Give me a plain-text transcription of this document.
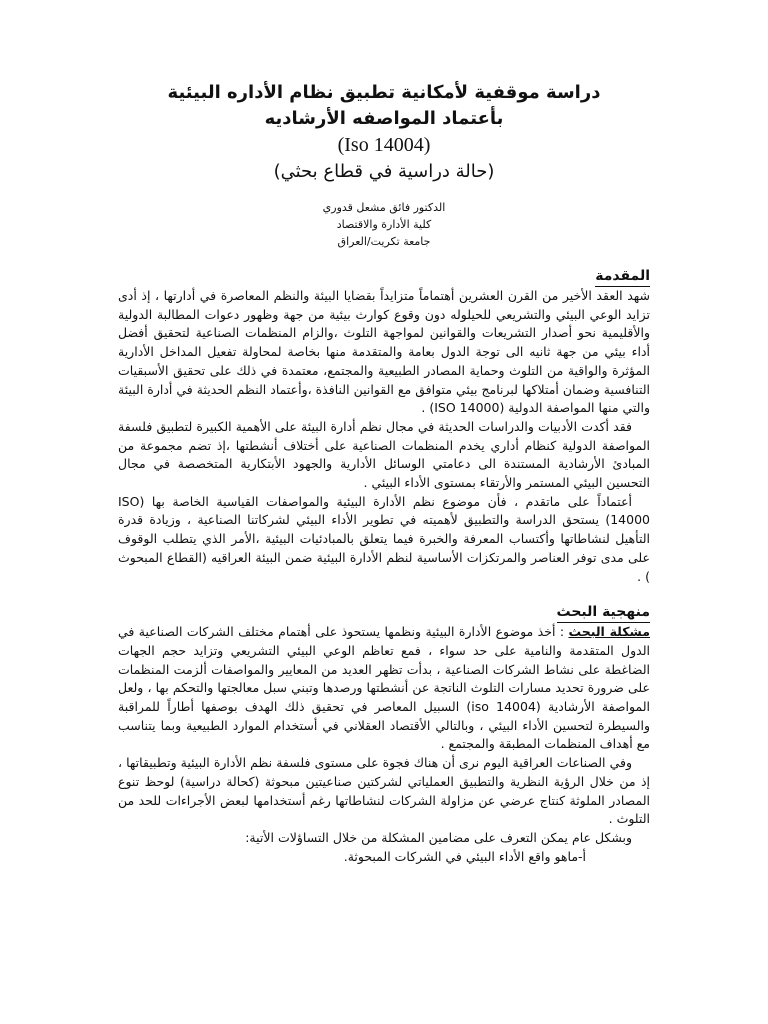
دراسة موقفية لأمكانية تطبيق نظام الأداره البيئية
بأعتماد المواصفه الأرشاديه
(Iso 14004)
(حالة دراسية في قطاع بحثي)
الدكتور فائق مشعل قدوري
كلية الأدارة والاقتصاد
جامعة تكريت/العراق
المقدمة

شهد العقد الأخير من القرن العشرين أهتماماً متزايداً بقضايا البيئة والنظم المعاصرة في أدارتها ، إذ أدى تزايد الوعي البيئي والتشريعي للحيلوله دون وقوع كوارث بيئية من جهة وظهور دعوات المطالبة الدولية والأقليمية نحو أصدار التشريعات والقوانين لمواجهة التلوث ،والزام المنظمات الصناعية لتحقيق أفضل أداء بيئي من جهة ثانيه الى توجة الدول بعامة والمتقدمة منها بخاصة لمحاولة تفعيل المداخل الأدارية المؤثرة والواقية من التلوث وحماية المصادر الطبيعية والمجتمع، معتمدة في ذلك على تحقيق الأسبقيات التنافسية وضمان أمتلاكها لبرنامج بيئي متوافق مع القوانين النافذة ،وأعتماد النظم الحديثة في أدارة البيئة والتي منها المواصفة الدولية (ISO 14000) .

فقد أكدت الأدبيات والدراسات الحديثة في مجال نظم أدارة البيئة على الأهمية الكبيرة لتطبيق فلسفة المواصفة الدولية كنظام أداري يخدم المنظمات الصناعية على أختلاف أنشطتها ،إذ تضم مجموعة من المبادئ الأرشادية المستندة الى دعامتي الوسائل الأدارية والجهود الأبتكارية المتخصصة في مجال التحسين البيئي المستمر والأرتقاء بمستوى الأداء البيئي .

أعتماداً على ماتقدم ، فأن موضوع نظم الأدارة البيئية والمواصفات القياسية الخاصة بها (ISO 14000) يستحق الدراسة والتطبيق لأهميته في تطوير الأداء البيئي لشركاتنا الصناعية ، وزيادة قدرة التأهيل لنشاطاتها وأكتساب المعرفة والخبرة فيما يتعلق بالمبادئيات البيئية ،الأمر الذي يتطلب الوقوف على مدى توفر العناصر والمرتكزات الأساسية لنظم الأدارة البيئية ضمن البيئة العراقيه (القطاع المبحوث ) .

منهجية البحث

مشكلة البحث : أخذ موضوع الأدارة البيئية ونظمها يستحوذ على أهتمام مختلف الشركات الصناعية في الدول المتقدمة والنامية على حد سواء ، فمع تعاظم الوعي البيئي التشريعي وتزايد حجم الجهات الضاغطة على نشاط الشركات الصناعية ، بدأت تظهر العديد من المعايير والمواصفات ألزمت المنظمات على ضرورة تحديد مسارات التلوث الناتجة عن أنشطتها ورصدها وتبني سبل معالجتها والتحكم بها ، ولعل المواصفة الأرشادية (iso 14004) السبيل المعاصر في تحقيق ذلك الهدف بوصفها أطاراً للمراقبة والسيطرة لتحسين الأداء البيئي ، وبالتالي الأقتصاد العقلاني في أستخدام الموارد الطبيعية وبما يتناسب مع أهداف المنظمات المطبقة والمجتمع .

وفي الصناعات العراقية اليوم نرى أن هناك فجوة على مستوى فلسفة نظم الأدارة البيئية وتطبيقاتها ، إذ من خلال الرؤية النظرية والتطبيق العملياتي لشركتين صناعيتين مبحوثة (كحالة دراسية) لوحظ تنوع المصادر الملوثة كنتاج عرضي عن مزاولة الشركات لنشاطاتها رغم أستخدامها لبعض الأجراءات للحد من التلوث .

وبشكل عام يمكن التعرف على مضامين المشكلة من خلال التساؤلات الأتية:

أ-ماهو واقع الأداء البيئي في الشركات المبحوثة.
